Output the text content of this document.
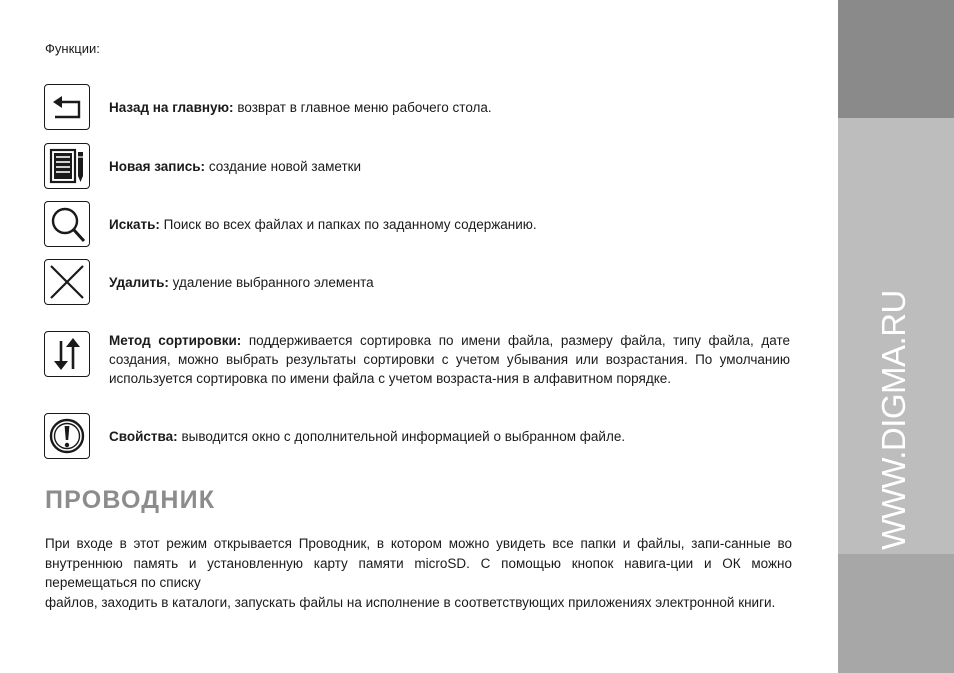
Функции:
Назад на главную: возврат в главное меню рабочего стола.
Новая запись: создание новой заметки
Искать: Поиск во всех файлах и папках по заданному содержанию.
Удалить: удаление выбранного элемента
Метод сортировки: поддерживается сортировка по имени файла, размеру файла, типу файла, дате создания, можно выбрать результаты сортировки с учетом убывания или возрастания. По умолчанию используется сортировка по имени файла с учетом возраста-ния в алфавитном порядке.
Свойства: выводится окно с дополнительной информацией о выбранном файле.
ПРОВОДНИК

При входе в этот режим открывается Проводник, в котором можно увидеть все папки и файлы, запи-санные во внутреннюю память и установленную карту памяти microSD. С помощью кнопок навига-ции и ОК можно перемещаться по списку

файлов, заходить в каталоги, запускать файлы на исполнение в соответствующих приложениях электронной книги.

WWW.DIGMA.RU
